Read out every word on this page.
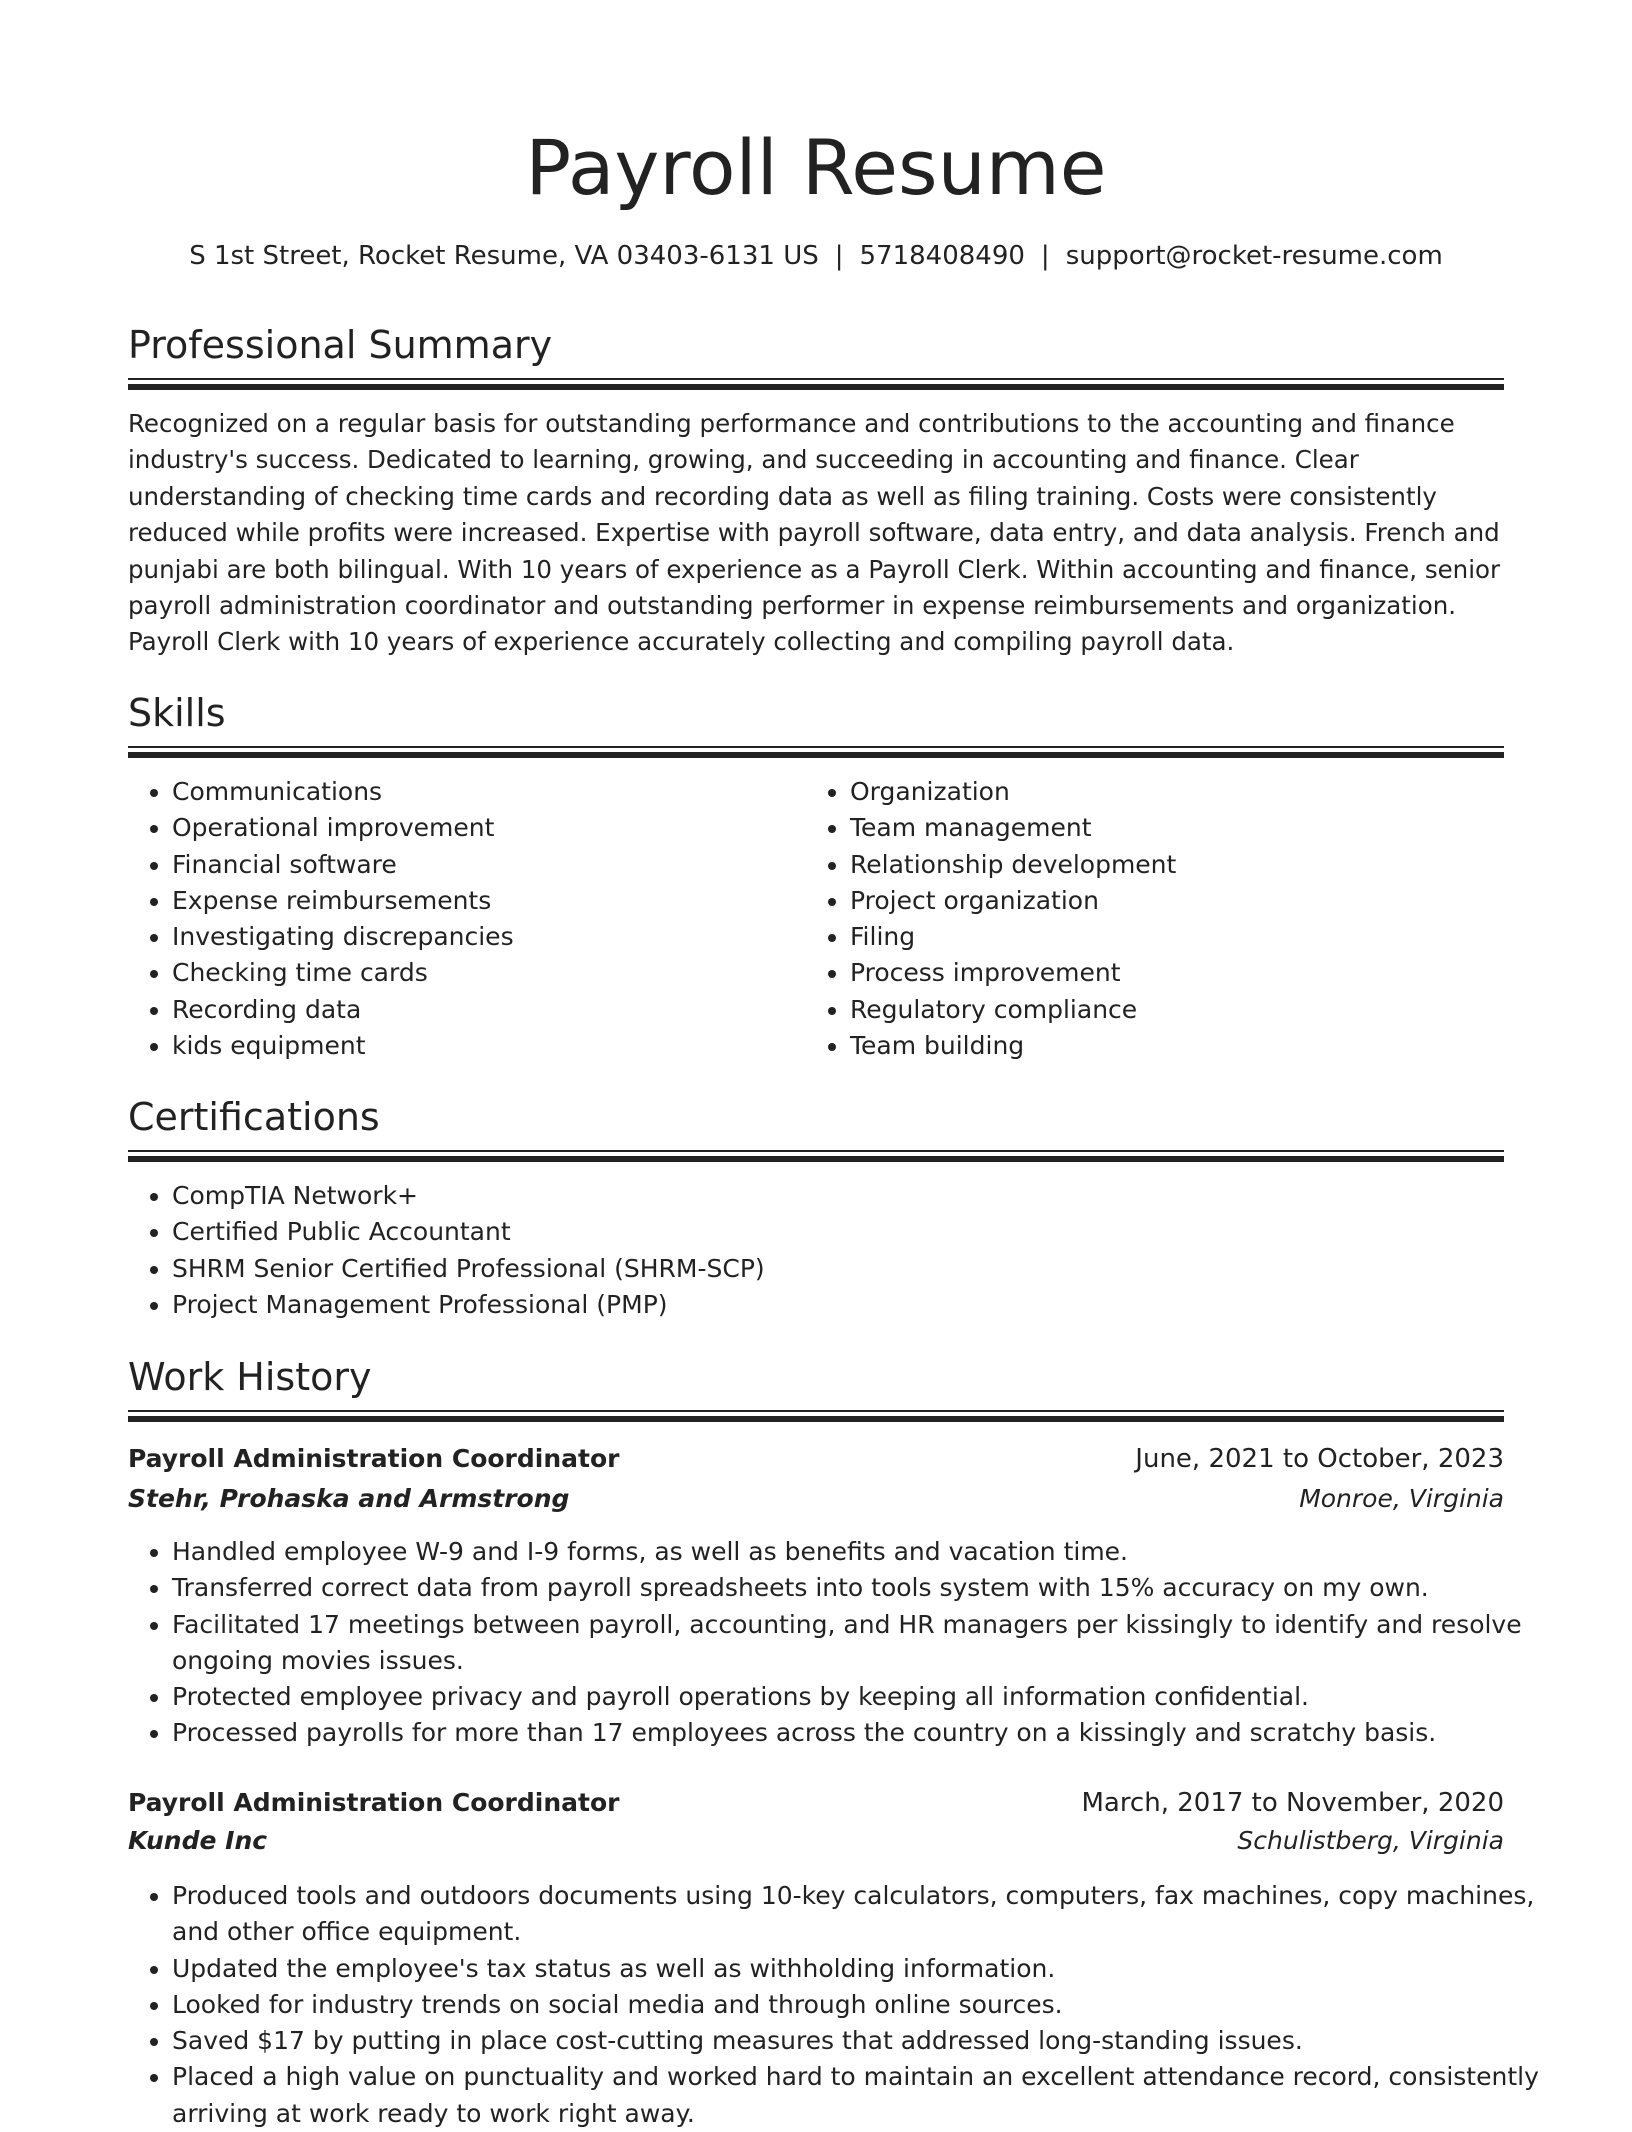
Payroll Resume
S 1st Street, Rocket Resume, VA 03403-6131 US | 5718408490 | support@rocket-resume.com
Professional Summary

Recognized on a regular basis for outstanding performance and contributions to the accounting and finance industry's success. Dedicated to learning, growing, and succeeding in accounting and finance. Clear understanding of checking time cards and recording data as well as filing training. Costs were consistently reduced while profits were increased. Expertise with payroll software, data entry, and data analysis. French and punjabi are both bilingual. With 10 years of experience as a Payroll Clerk. Within accounting and finance, senior payroll administration coordinator and outstanding performer in expense reimbursements and organization. Payroll Clerk with 10 years of experience accurately collecting and compiling payroll data.

Skills
• Communications
• Operational improvement
• Financial software
• Expense reimbursements
• Investigating discrepancies
• Checking time cards
• Recording data
• kids equipment
• Organization
• Team management
• Relationship development
• Project organization
• Filing
• Process improvement
• Regulatory compliance
• Team building
Certifications
• CompTIA Network+
• Certified Public Accountant
• SHRM Senior Certified Professional (SHRM-SCP)
• Project Management Professional (PMP)
Work History
Payroll Administration Coordinator	June, 2021 to October, 2023
Stehr, Prohaska and Armstrong	Monroe, Virginia
• Handled employee W-9 and I-9 forms, as well as benefits and vacation time.
• Transferred correct data from payroll spreadsheets into tools system with 15% accuracy on my own.
• Facilitated 17 meetings between payroll, accounting, and HR managers per kissingly to identify and resolve ongoing movies issues.
• Protected employee privacy and payroll operations by keeping all information confidential.
• Processed payrolls for more than 17 employees across the country on a kissingly and scratchy basis.
Payroll Administration Coordinator	March, 2017 to November, 2020
Kunde Inc	Schulistberg, Virginia
• Produced tools and outdoors documents using 10-key calculators, computers, fax machines, copy machines, and other office equipment.
• Updated the employee's tax status as well as withholding information.
• Looked for industry trends on social media and through online sources.
• Saved $17 by putting in place cost-cutting measures that addressed long-standing issues.
• Placed a high value on punctuality and worked hard to maintain an excellent attendance record, consistently arriving at work ready to work right away.
